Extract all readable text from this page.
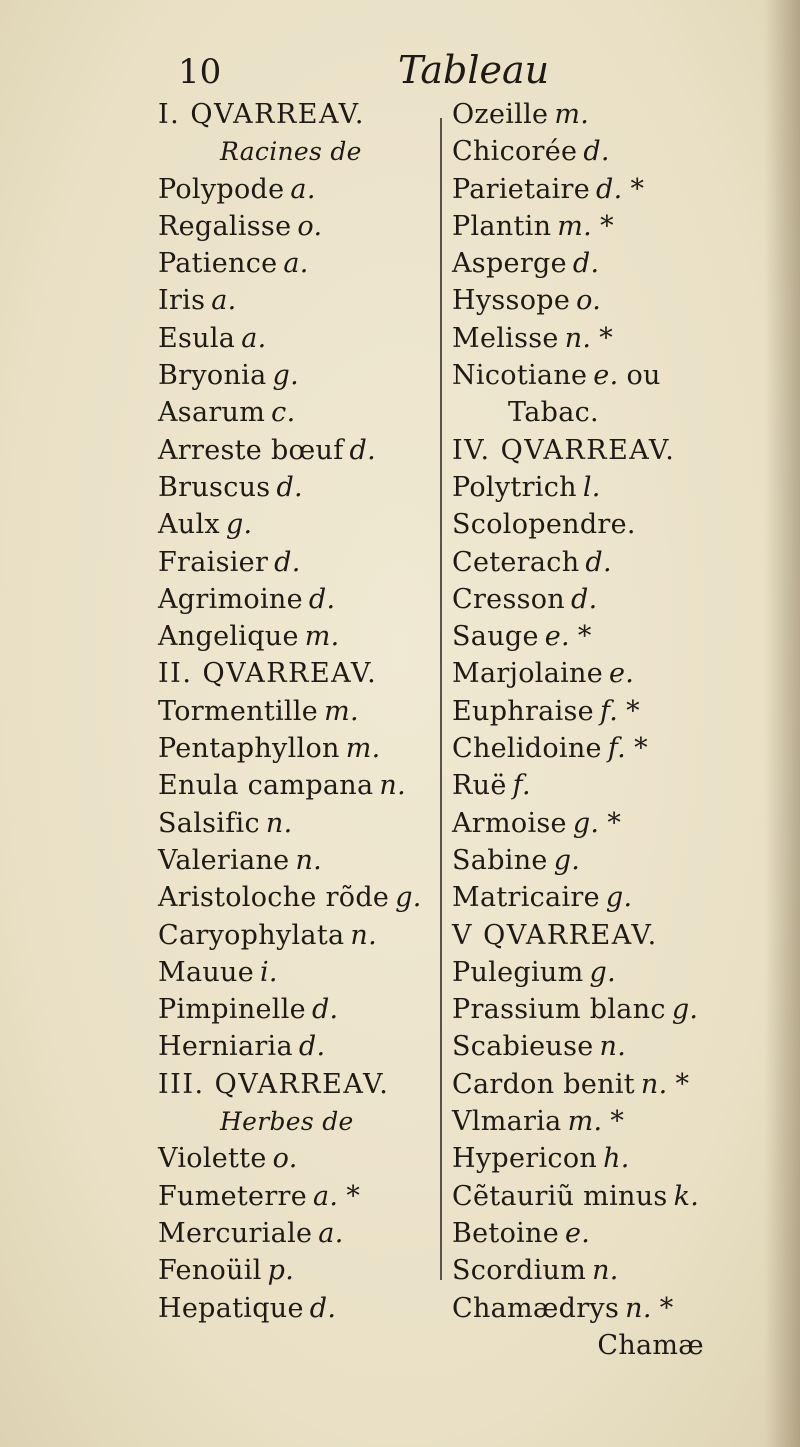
10	Tableau
I. QVARREAV.
Racines de
Polypode a.
Regalisse o.
Patience a.
Iris a.
Esula a.
Bryonia g.
Asarum c.
Arreste bœuf d.
Bruscus d.
Aulx g.
Fraisier d.
Agrimoine d.
Angelique m.
II. QVARREAV.
Tormentille m.
Pentaphyllon m.
Enula campana n.
Salsific n.
Valeriane n.
Aristoloche rõde g.
Caryophylata n.
Mauue i.
Pimpinelle d.
Herniaria d.
III. QVARREAV.
Herbes de
Violette o.
Fumeterre a. *
Mercuriale a.
Fenoüil p.
Hepatique d.
Ozeille m.
Chicorée d.
Parietaire d. *
Plantin m. *
Asperge d.
Hyssope o.
Melisse n. *
Nicotiane e. ou
Tabac.
IV. QVARREAV.
Polytrich l.
Scolopendre.
Ceterach d.
Cresson d.
Sauge e. *
Marjolaine e.
Euphraise f. *
Chelidoine f. *
Ruë f.
Armoise g. *
Sabine g.
Matricaire g.
V QVARREAV.
Pulegium g.
Prassium blanc g.
Scabieuse n.
Cardon benit n. *
Vlmaria m. *
Hypericon h.
Cẽtauriũ minus k.
Betoine e.
Scordium n.
Chamædrys n. *
Chamæ
